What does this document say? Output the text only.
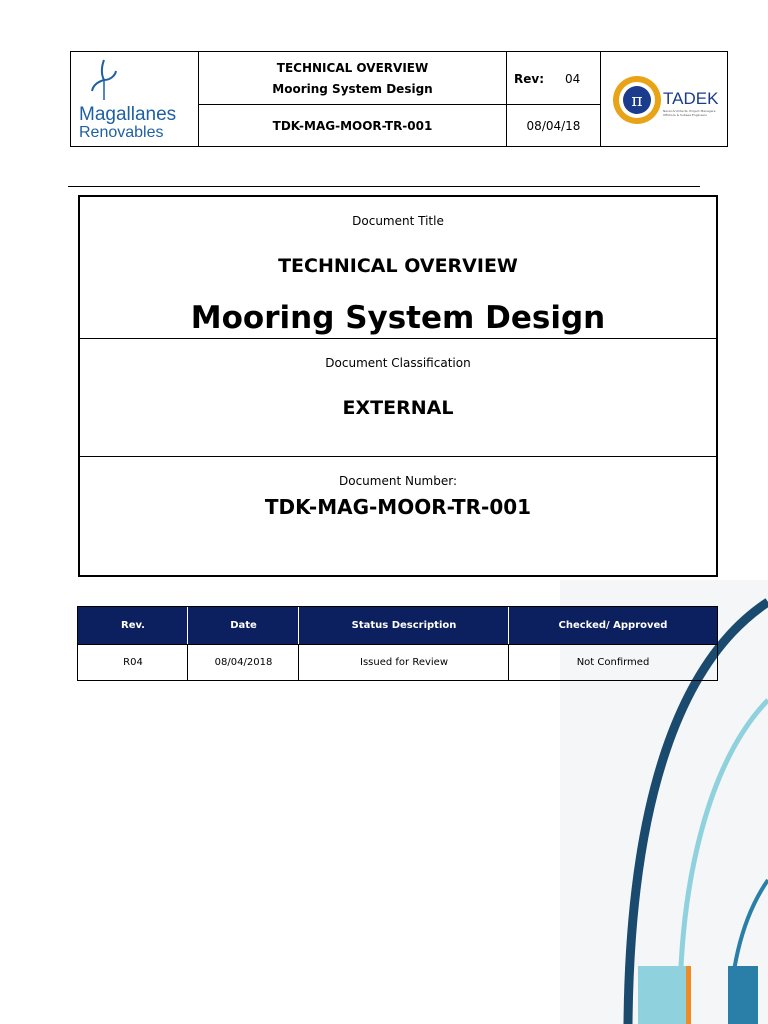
Magallanes
Renovables
TECHNICAL OVERVIEW
Mooring System Design
TDK-MAG-MOOR-TR-001
Rev: 04
08/04/18
π TADEK
Naval Architects, Project Managers, Offshore & Subsea Engineers
Document Title
TECHNICAL OVERVIEW
Mooring System Design
Document Classification
EXTERNAL
Document Number:
TDK-MAG-MOOR-TR-001
Rev.	Date	Status Description	Checked/ Approved
R04	08/04/2018	Issued for Review	Not Confirmed
